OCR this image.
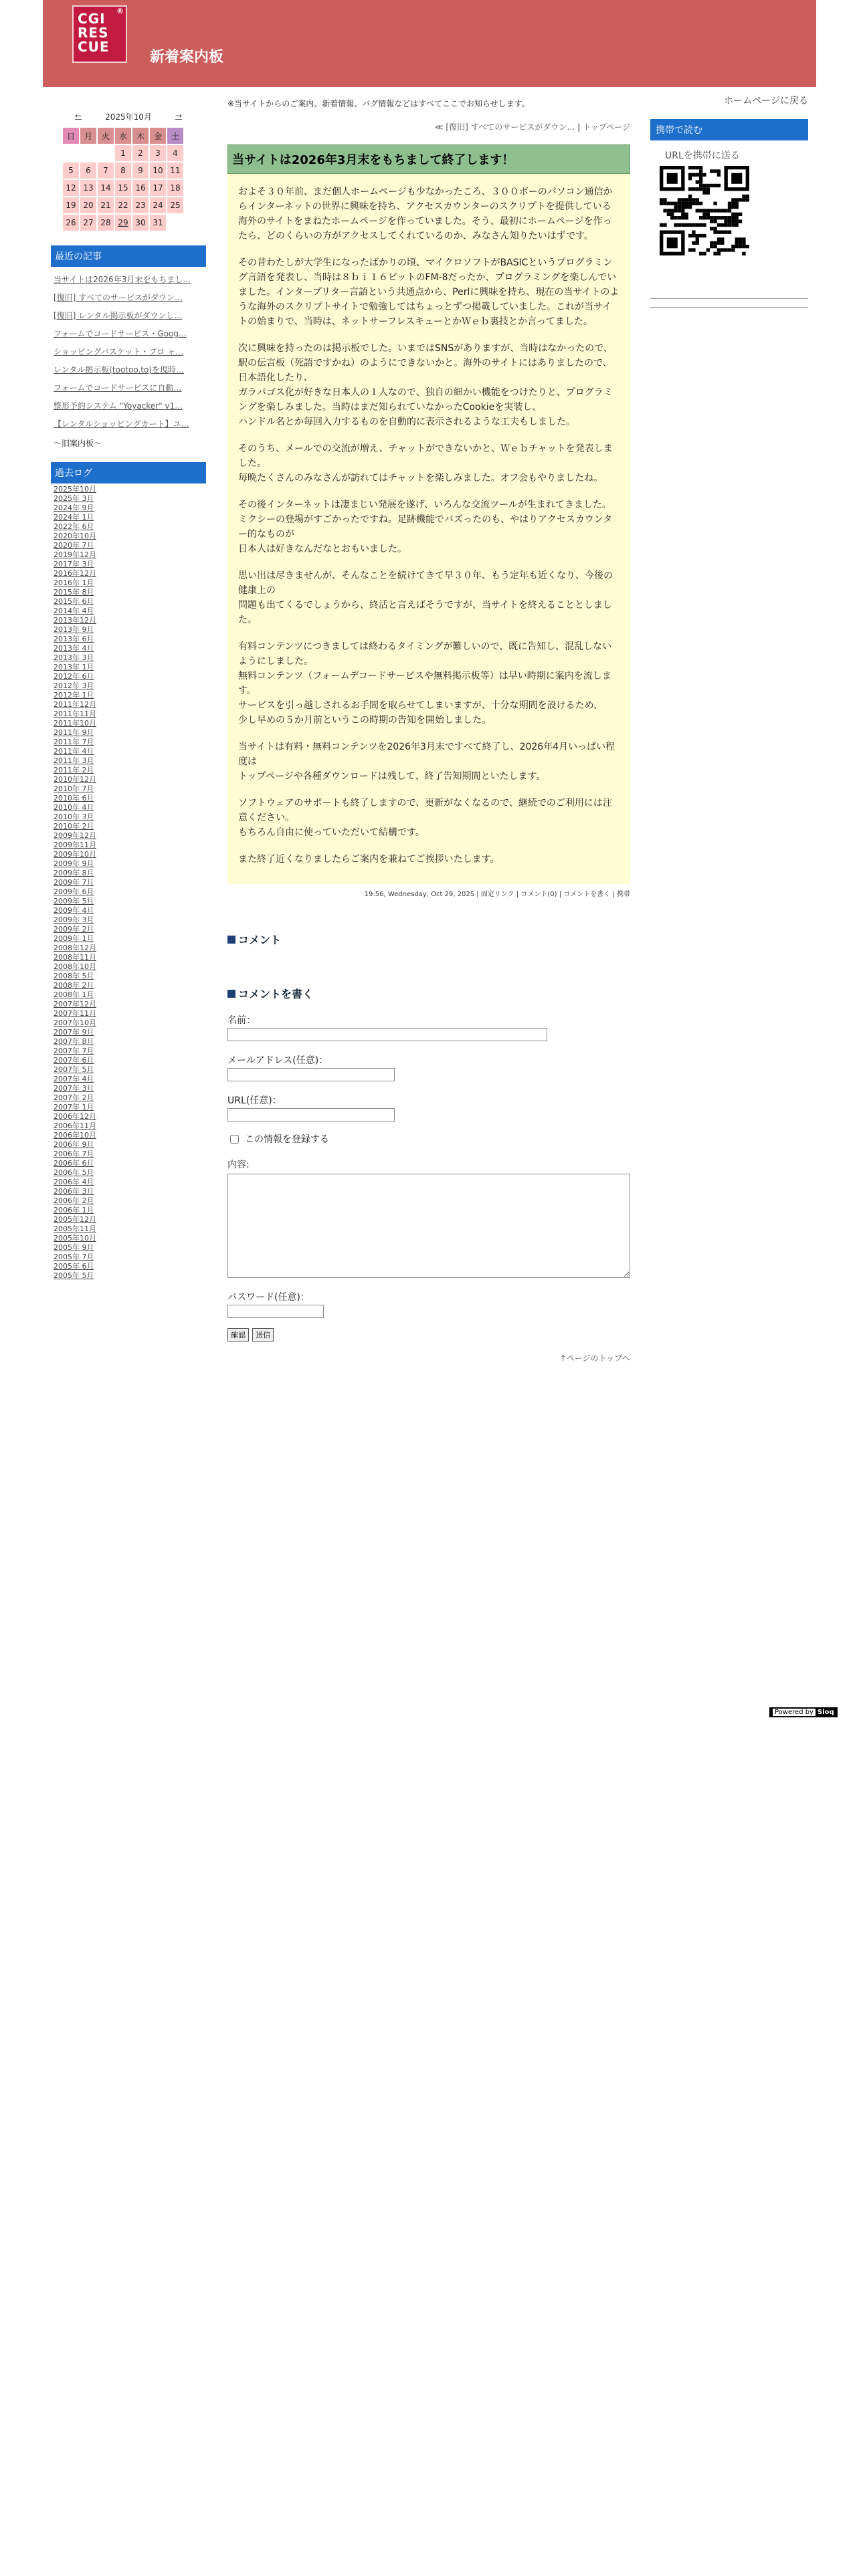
CGI
RES
CUE
®
新着案内板
←	2025年10月	→
日	月	火	水	木	金	土
			1	2	3	4
5	6	7	8	9	10	11
12	13	14	15	16	17	18
19	20	21	22	23	24	25
26	27	28	29	30	31	
最近の記事
当サイトは2026年3月末をもちまし…
[復旧] すべてのサービスがダウン…
[復旧] レンタル掲示板がダウンし…
フォームでコードサービス・Goog…
ショッピングバスケット・プロ ャ…
レンタル掲示板(tootoo.to)を現時…
フォームでコードサービスに自動…
整形予約システム "Yoyacker" v1…
【レンタルショッピングカート】ユ…
〜旧案内板〜
過去ログ
2025年10月
2025年 3月
2024年 9月
2024年 1月
2022年 6月
2020年10月
2020年 7月
2019年12月
2017年 3月
2016年12月
2016年 1月
2015年 8月
2015年 6月
2014年 4月
2013年12月
2013年 9月
2013年 6月
2013年 4月
2013年 3月
2013年 1月
2012年 6月
2012年 3月
2012年 1月
2011年12月
2011年11月
2011年10月
2011年 9月
2011年 7月
2011年 4月
2011年 3月
2011年 2月
2010年12月
2010年 7月
2010年 6月
2010年 4月
2010年 3月
2010年 2月
2009年12月
2009年11月
2009年10月
2009年 9月
2009年 8月
2009年 7月
2009年 6月
2009年 5月
2009年 4月
2009年 3月
2009年 2月
2009年 1月
2008年12月
2008年11月
2008年10月
2008年 5月
2008年 2月
2008年 1月
2007年12月
2007年11月
2007年10月
2007年 9月
2007年 8月
2007年 7月
2007年 6月
2007年 5月
2007年 4月
2007年 3月
2007年 2月
2007年 1月
2006年12月
2006年11月
2006年10月
2006年 9月
2006年 7月
2006年 6月
2006年 5月
2006年 4月
2006年 3月
2006年 2月
2006年 1月
2005年12月
2005年11月
2005年10月
2005年 9月
2005年 7月
2005年 6月
2005年 5月
※当サイトからのご案内、新着情報、バグ情報などはすべてここでお知らせします。
≪ [復旧] すべてのサービスがダウン… | トップページ
当サイトは2026年3月末をもちまして終了します！

およそ３０年前、まだ個人ホームページも少なかったころ、３００ボーのパソコン通信からインターネットの世界に興味を持ち、アクセスカウンターのスクリプトを提供している海外のサイトをまねたホームページを作っていました。そう、最初にホームページを作ったら、どのくらいの方がアクセスしてくれているのか、みなさん知りたいはずです。

その昔わたしが大学生になったばかりの頃、マイクロソフトがBASICというプログラミング言語を発表し、当時は８ｂｉ１６ビットのFM-8だったか、プログラミングを楽しんでいました。インタープリター言語という共通点から、Perlに興味を持ち、現在の当サイトのような海外のスクリプトサイトで勉強してはちょっとずつ掲載していました。これが当サイトの始まりで、当時は、ネットサーフレスキューとかＷｅｂ裏技とか言ってました。

次に興味を持ったのは掲示板でした。いまではSNSがありますが、当時はなかったので、
駅の伝言板（死語ですかね）のようにできないかと。海外のサイトにはありましたので、日本語化したり、
ガラパゴス化が好きな日本人の１人なので、独自の細かい機能をつけたりと、プログラミングを楽しみました。当時はまだ知られていなかったCookieを実装し、
ハンドル名とか毎回入力するものを自動的に表示されるような工夫もしました。

そのうち、メールでの交流が増え、チャットができないかと、Ｗｅｂチャットを発表しました。
毎晩たくさんのみなさんが訪れてはチャットを楽しみました。オフ会もやりましたね。

その後インターネットは凄まじい発展を遂げ、いろんな交流ツールが生まれてきました。
ミクシーの登場がすごかったですね。足跡機能でバズったのも、やはりアクセスカウンター的なものが
日本人は好きなんだなとおもいました。

思い出は尽きませんが、そんなことを続けてきて早３０年、もう定年も近くなり、今後の健康上の
問題も出てくるでしょうから、終活と言えばそうですが、当サイトを終えることとしました。

有料コンテンツにつきましては終わるタイミングが難しいので、既に告知し、混乱しないようにしました。
無料コンテンツ（フォームデコードサービスや無料掲示板等）は早い時期に案内を流します。
サービスを引っ越しされるお手間を取らせてしまいますが、十分な期間を設けるため、
少し早めの５か月前というこの時期の告知を開始しました。

当サイトは有料・無料コンテンツを2026年3月末ですべて終了し、2026年4月いっぱい程度は
トップページや各種ダウンロードは残して、終了告知期間といたします。

ソフトウェアのサポートも終了しますので、更新がなくなるので、継続でのご利用には注意ください。
もちろん自由に使っていただいて結構です。

また終了近くなりましたらご案内を兼ねてご挨拶いたします。

19:56, Wednesday, Oct 29, 2025 | 固定リンク | コメント(0) | コメントを書く | 携帯
コメント
コメントを書く
名前：
メールアドレス(任意)：
URL(任意)：
この情報を登録する
内容:
パスワード(任意)：
確認 送信
↑ページのトップへ
ホームページに戻る
携帯で読む
URLを携帯に送る
Powered by Sloq
